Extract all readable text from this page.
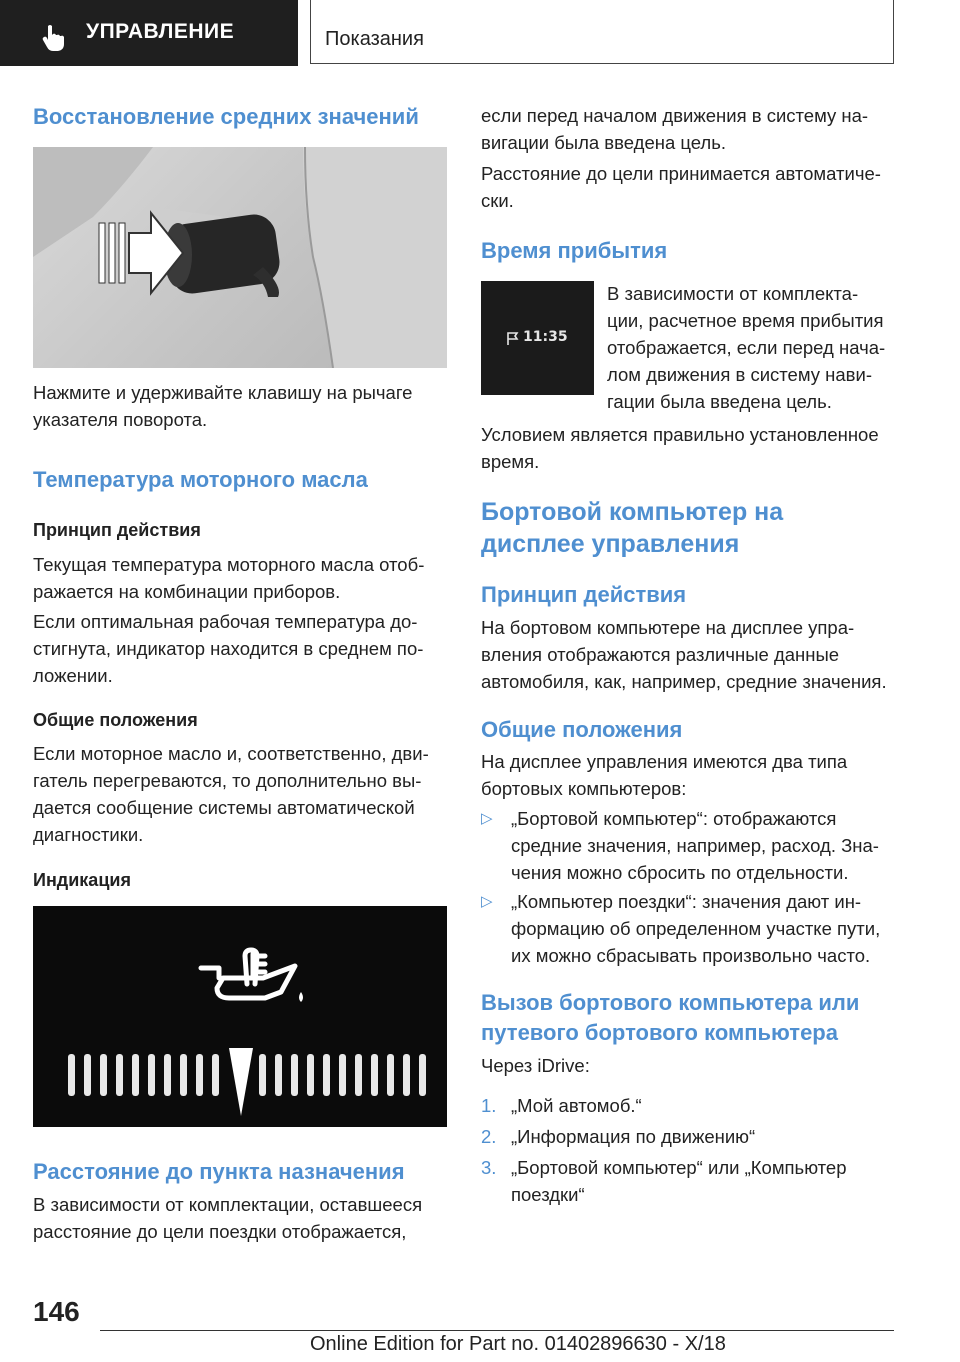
УПРАВЛЕНИЕ	Показания
Восстановление средних значений
Нажмите и удерживайте клавишу на рычаге
указателя поворота.
Температура моторного масла
Принцип действия
Текущая температура моторного масла отоб-
ражается на комбинации приборов.
Если оптимальная рабочая температура до-
стигнута, индикатор находится в среднем по-
ложении.
Общие положения
Если моторное масло и, соответственно, дви-
гатель перегреваются, то дополнительно вы-
дается сообщение системы автоматической
диагностики.
Индикация
Расстояние до пункта назначения
В зависимости от комплектации, оставшееся
расстояние до цели поездки отображается,
если перед началом движения в систему на-
вигации была введена цель.
Расстояние до цели принимается автоматиче-
ски.
Время прибытия
11:35
В зависимости от комплекта-
ции, расчетное время прибытия
отображается, если перед нача-
лом движения в систему нави-
гации была введена цель.
Условием является правильно установленное
время.
Бортовой компьютер на
дисплее управления
Принцип действия
На бортовом компьютере на дисплее упра-
вления отображаются различные данные
автомобиля, как, например, средние значения.
Общие положения
На дисплее управления имеются два типа
бортовых компьютеров:
▷ „Бортовой компьютер“: отображаются
средние значения, например, расход. Зна-
чения можно сбросить по отдельности.
▷ „Компьютер поездки“: значения дают ин-
формацию об определенном участке пути,
их можно сбрасывать произвольно часто.
Вызов бортового компьютера или
путевого бортового компьютера
Через iDrive:
1. „Мой автомоб.“
2. „Информация по движению“
3. „Бортовой компьютер“ или „Компьютер
поездки“
146
Online Edition for Part no. 01402896630 - X/18
